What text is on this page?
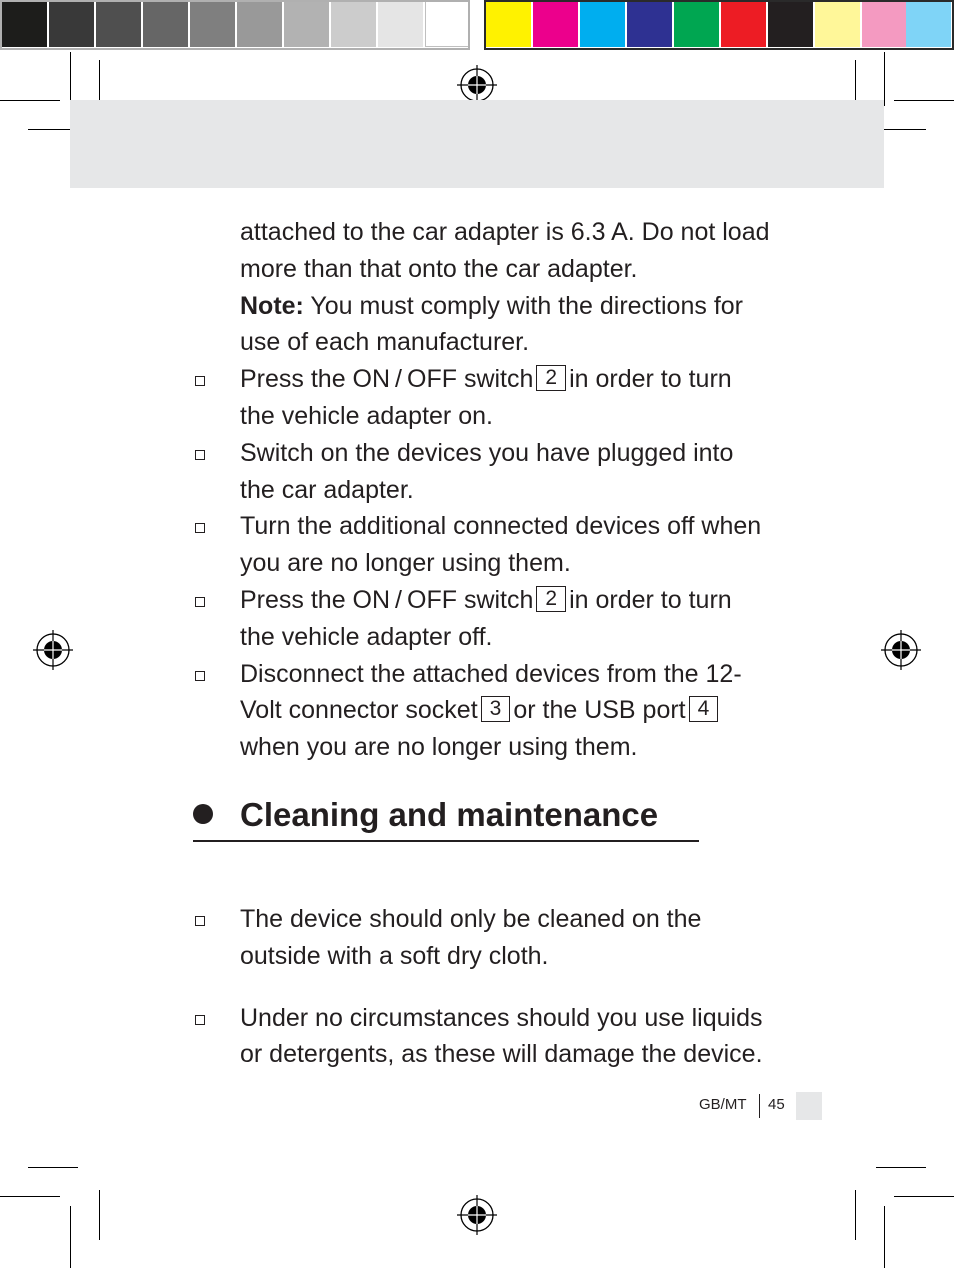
attached to the car adapter is 6.3 A. Do not load more than that onto the car adapter.
Note: You must comply with the directions for use of each manufacturer.

Press the ON / OFF switch 2 in order to turn the vehicle adapter on.

Switch on the devices you have plugged into the car adapter.

Turn the additional connected devices off when you are no longer using them.

Press the ON / OFF switch 2 in order to turn the vehicle adapter off.

Disconnect the attached devices from the 12-Volt connector socket 3 or the USB port 4when you are no longer using them.

Cleaning and maintenance

The device should only be cleaned on the outside with a soft dry cloth.

Under no circumstances should you use liquids or detergents, as these will damage the device.

GB/MT 45
